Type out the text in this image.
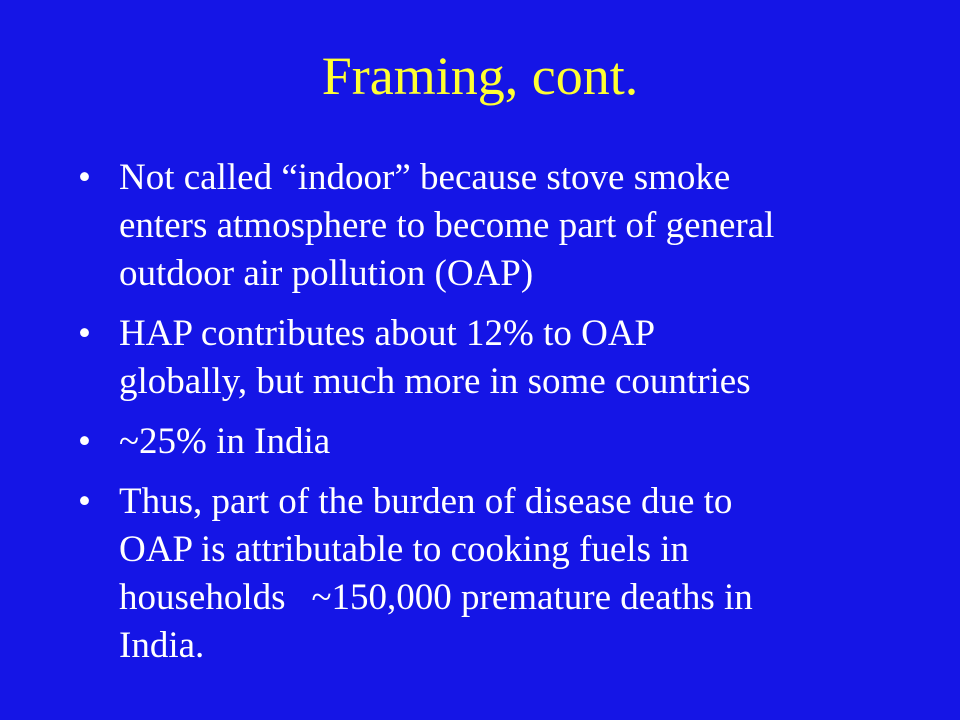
Framing, cont.
• Not called “indoor” because stove smoke
enters atmosphere to become part of general
outdoor air pollution (OAP)
• HAP contributes about 12% to OAP
globally, but much more in some countries
• ~25% in India
• Thus, part of the burden of disease due to
OAP is attributable to cooking fuels in
households ~150,000 premature deaths in
India.
